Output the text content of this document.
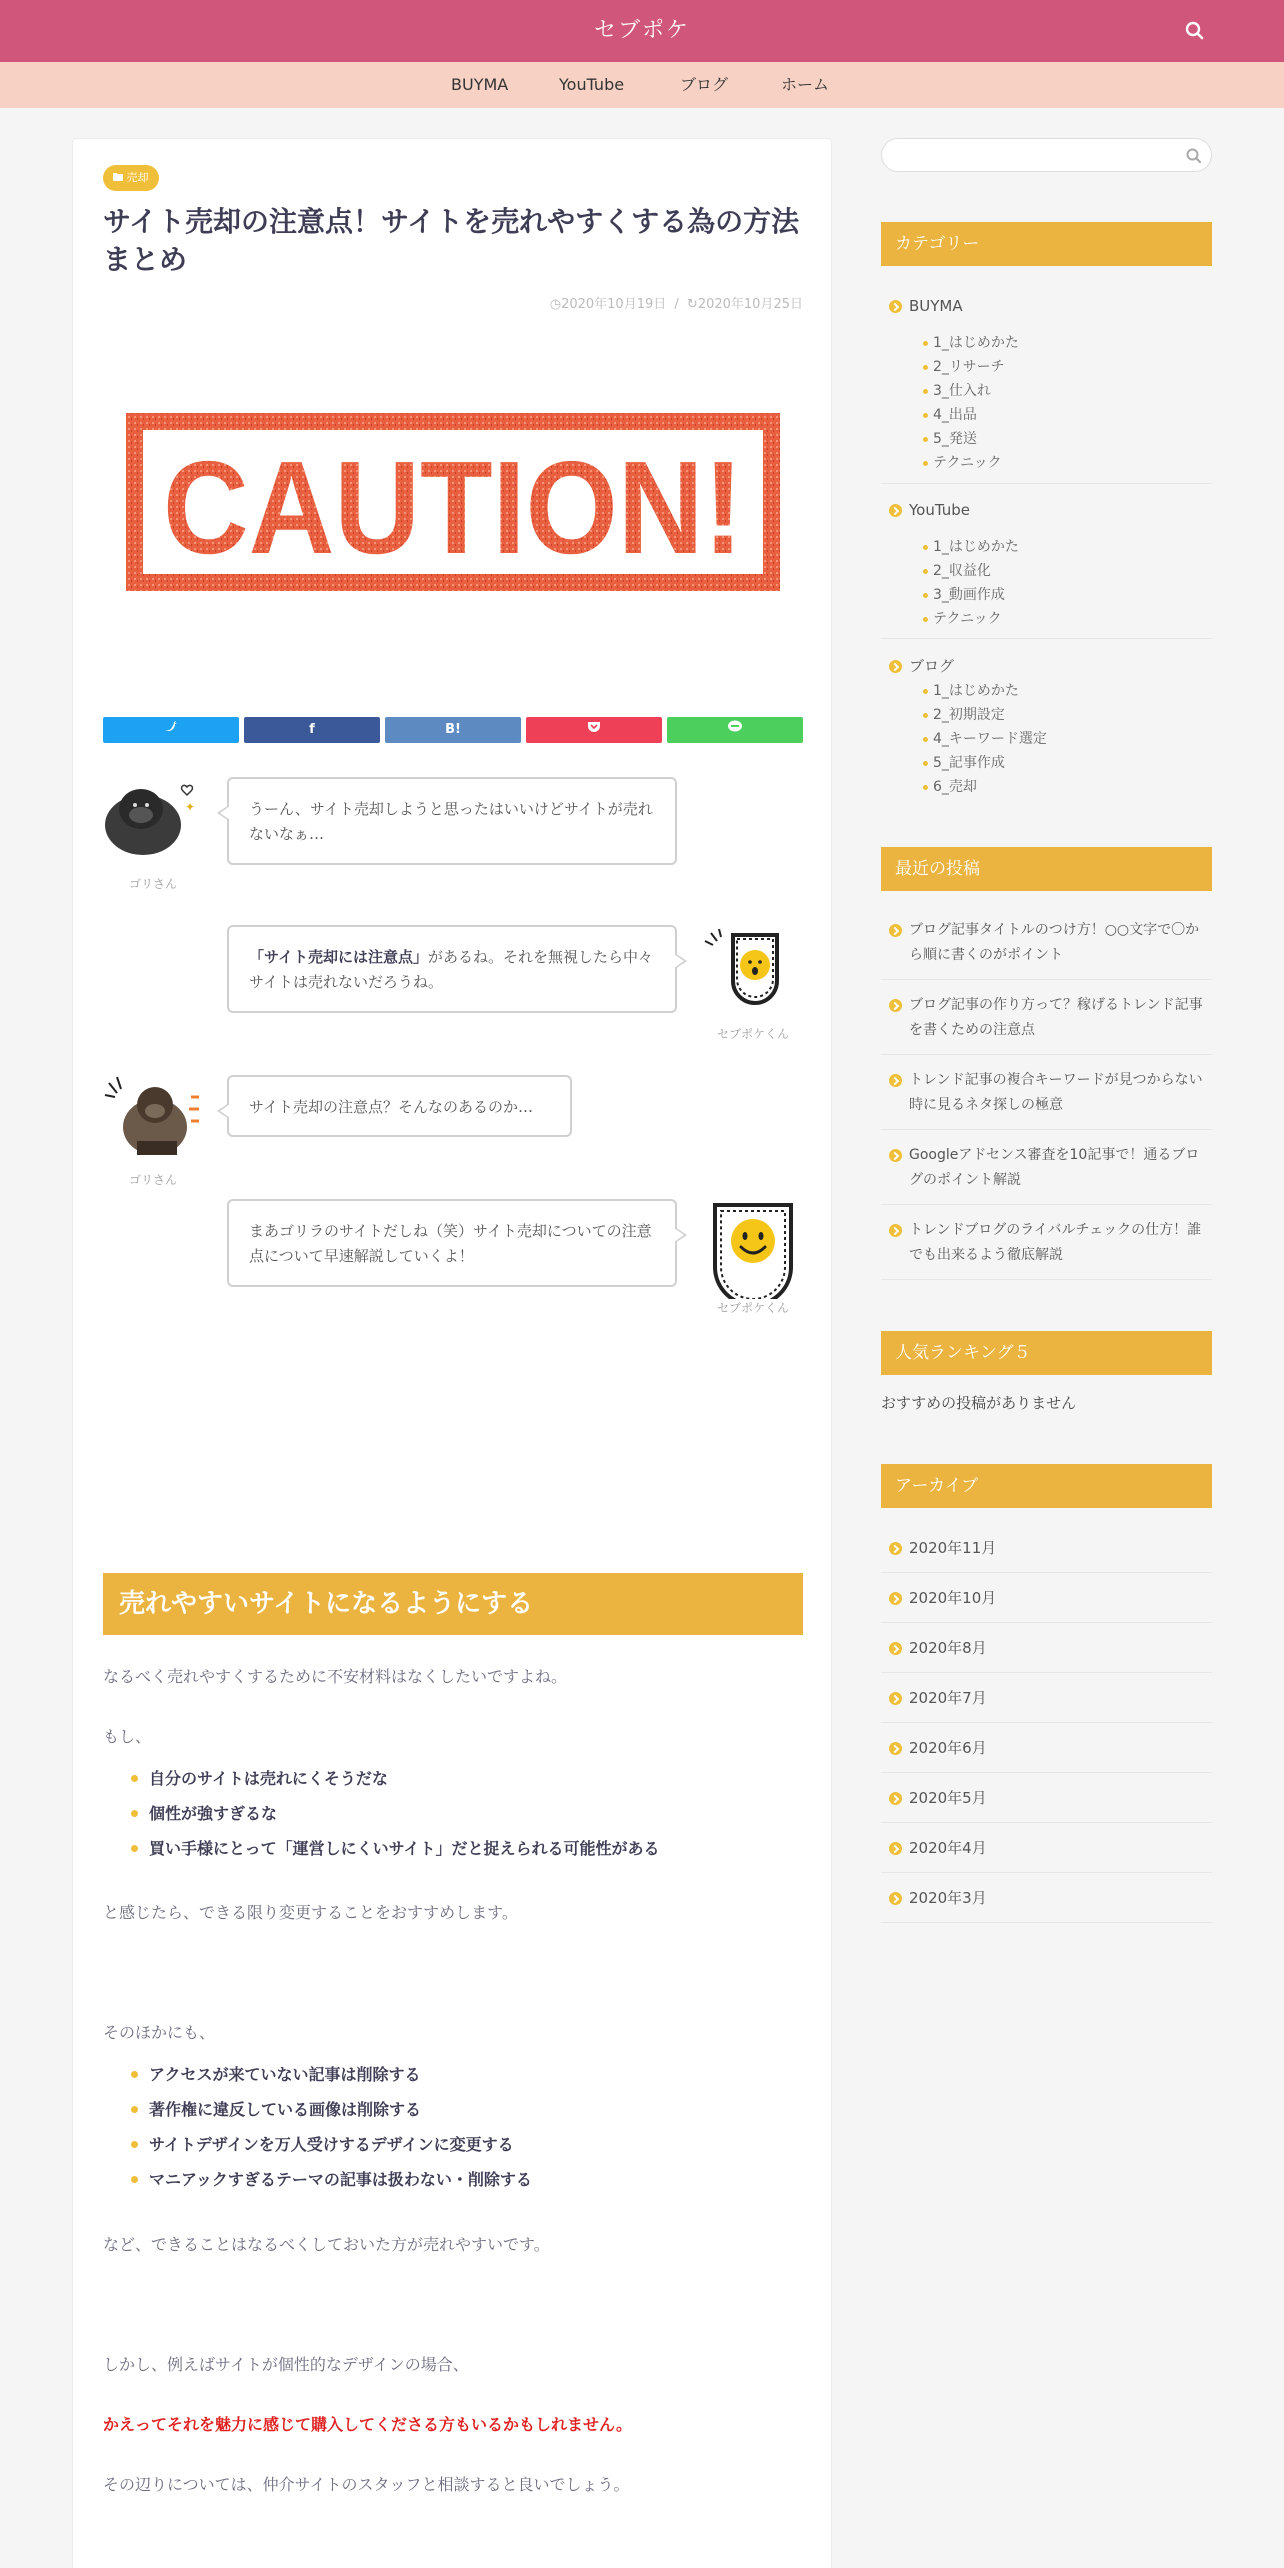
セブポケ
BUYMA	YouTube	ブログ	ホーム
売却
サイト売却の注意点！サイトを売れやすくする為の方法まとめ
◷2020年10月19日 / ↻2020年10月25日
CAUTION!
f	B!
✦
ゴリさん
うーん、サイト売却しようと思ったはいいけどサイトが売れないなぁ…
「サイト売却には注意点」があるね。それを無視したら中々サイトは売れないだろうね。
セブポケくん
ゴリさん
サイト売却の注意点？そんなのあるのか…
まあゴリラのサイトだしね（笑）サイト売却についての注意点について早速解説していくよ！
セブポケくん
売れやすいサイトになるようにする

なるべく売れやすくするために不安材料はなくしたいですよね。

もし、

自分のサイトは売れにくそうだな
個性が強すぎるな
買い手様にとって「運営しにくいサイト」だと捉えられる可能性がある

と感じたら、できる限り変更することをおすすめします。

そのほかにも、

アクセスが来ていない記事は削除する
著作権に違反している画像は削除する
サイトデザインを万人受けするデザインに変更する
マニアックすぎるテーマの記事は扱わない・削除する

など、できることはなるべくしておいた方が売れやすいです。

しかし、例えばサイトが個性的なデザインの場合、

かえってそれを魅力に感じて購入してくださる方もいるかもしれません。

その辺りについては、仲介サイトのスタッフと相談すると良いでしょう。

カテゴリー
BUYMA
1_はじめかた
2_リサーチ
3_仕入れ
4_出品
5_発送
テクニック
YouTube
1_はじめかた
2_収益化
3_動画作成
テクニック
ブログ
1_はじめかた
2_初期設定
4_キーワード選定
5_記事作成
6_売却
最近の投稿
ブログ記事タイトルのつけ方！○○文字で〇から順に書くのがポイント
ブログ記事の作り方って？稼げるトレンド記事を書くための注意点
トレンド記事の複合キーワードが見つからない時に見るネタ探しの極意
Googleアドセンス審査を10記事で！通るブログのポイント解説
トレンドブログのライバルチェックの仕方！誰でも出来るよう徹底解説
人気ランキング５
おすすめの投稿がありません
アーカイブ
2020年11月
2020年10月
2020年8月
2020年7月
2020年6月
2020年5月
2020年4月
2020年3月
